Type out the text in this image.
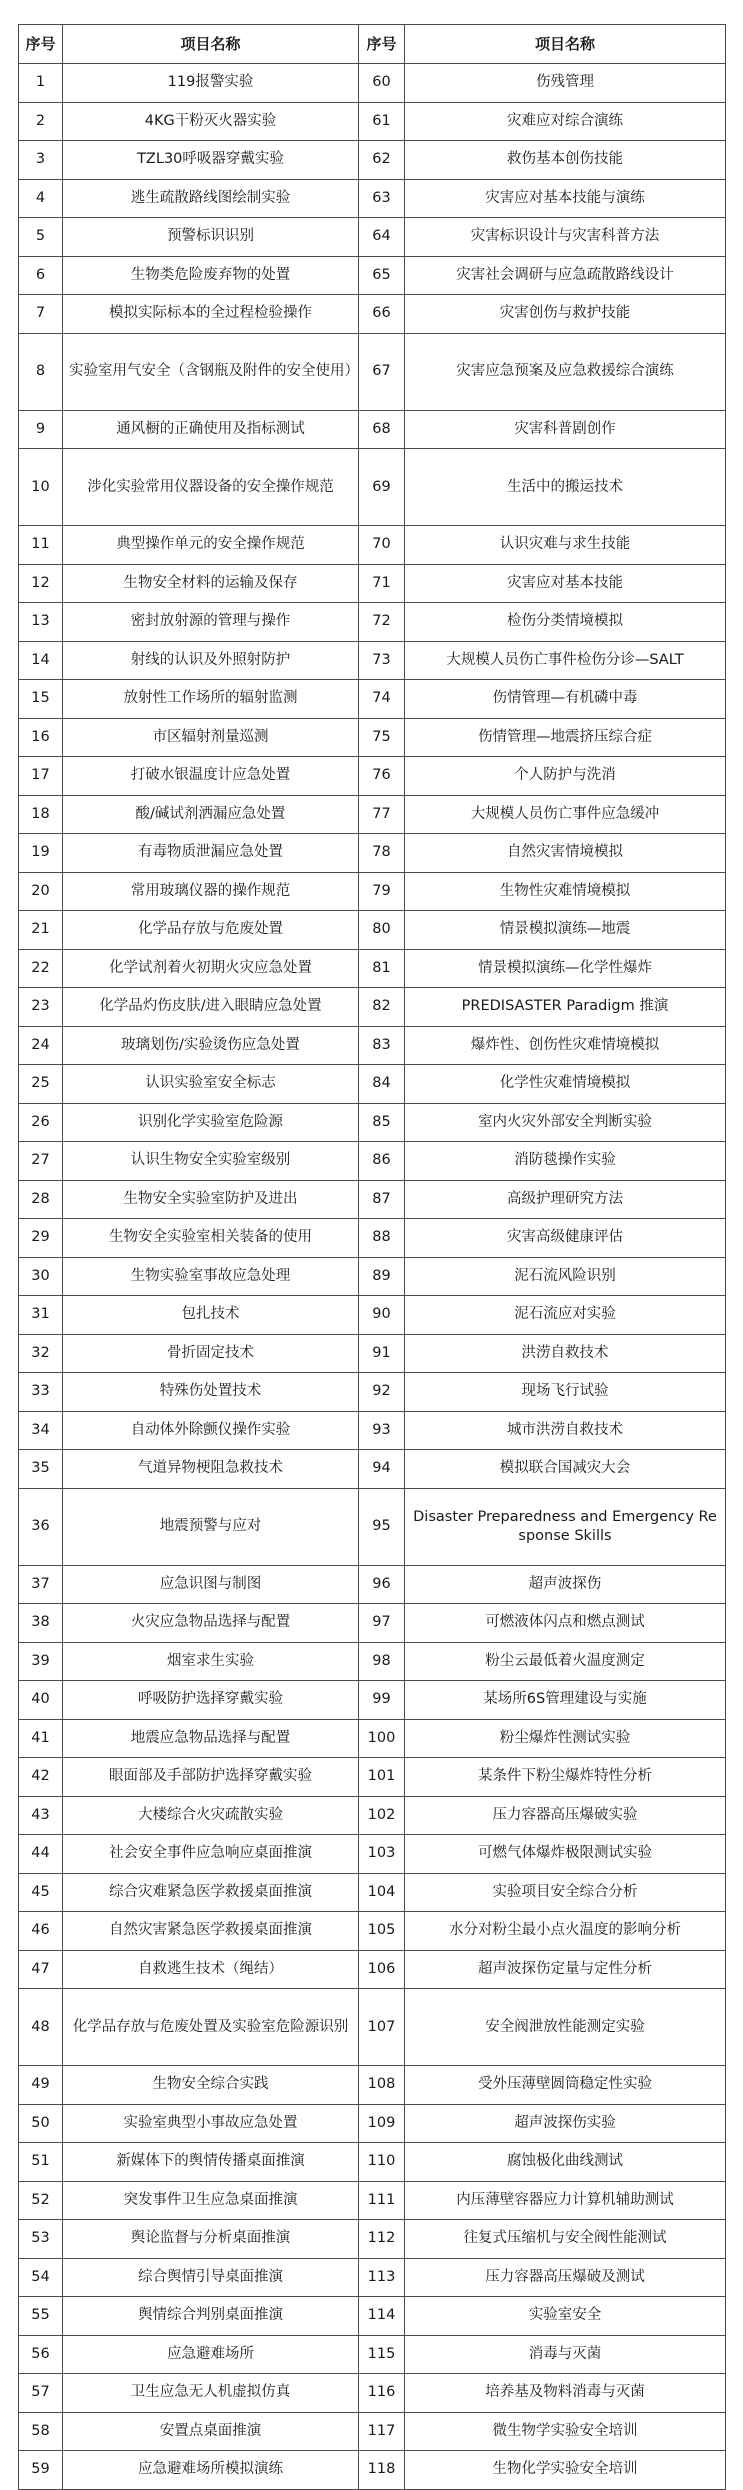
序号	项目名称	序号	项目名称
1	119报警实验	60	伤残管理
2	4KG干粉灭火器实验	61	灾难应对综合演练
3	TZL30呼吸器穿戴实验	62	救伤基本创伤技能
4	逃生疏散路线图绘制实验	63	灾害应对基本技能与演练
5	预警标识识别	64	灾害标识设计与灾害科普方法
6	生物类危险废弃物的处置	65	灾害社会调研与应急疏散路线设计
7	模拟实际标本的全过程检验操作	66	灾害创伤与救护技能
8	实验室用气安全（含钢瓶及附件的安全使用）	67	灾害应急预案及应急救援综合演练
9	通风橱的正确使用及指标测试	68	灾害科普剧创作
10	涉化实验常用仪器设备的安全操作规范	69	生活中的搬运技术
11	典型操作单元的安全操作规范	70	认识灾难与求生技能
12	生物安全材料的运输及保存	71	灾害应对基本技能
13	密封放射源的管理与操作	72	检伤分类情境模拟
14	射线的认识及外照射防护	73	大规模人员伤亡事件检伤分诊—SALT
15	放射性工作场所的辐射监测	74	伤情管理—有机磷中毒
16	市区辐射剂量巡测	75	伤情管理—地震挤压综合症
17	打破水银温度计应急处置	76	个人防护与洗消
18	酸/碱试剂洒漏应急处置	77	大规模人员伤亡事件应急缓冲
19	有毒物质泄漏应急处置	78	自然灾害情境模拟
20	常用玻璃仪器的操作规范	79	生物性灾难情境模拟
21	化学品存放与危废处置	80	情景模拟演练—地震
22	化学试剂着火初期火灾应急处置	81	情景模拟演练—化学性爆炸
23	化学品灼伤皮肤/进入眼睛应急处置	82	PREDISASTER Paradigm 推演
24	玻璃划伤/实验烫伤应急处置	83	爆炸性、创伤性灾难情境模拟
25	认识实验室安全标志	84	化学性灾难情境模拟
26	识别化学实验室危险源	85	室内火灾外部安全判断实验
27	认识生物安全实验室级别	86	消防毯操作实验
28	生物安全实验室防护及进出	87	高级护理研究方法
29	生物安全实验室相关装备的使用	88	灾害高级健康评估
30	生物实验室事故应急处理	89	泥石流风险识别
31	包扎技术	90	泥石流应对实验
32	骨折固定技术	91	洪涝自救技术
33	特殊伤处置技术	92	现场飞行试验
34	自动体外除颤仪操作实验	93	城市洪涝自救技术
35	气道异物梗阻急救技术	94	模拟联合国减灾大会
36	地震预警与应对	95	Disaster Preparedness and Emergency Response Skills
37	应急识图与制图	96	超声波探伤
38	火灾应急物品选择与配置	97	可燃液体闪点和燃点测试
39	烟室求生实验	98	粉尘云最低着火温度测定
40	呼吸防护选择穿戴实验	99	某场所6S管理建设与实施
41	地震应急物品选择与配置	100	粉尘爆炸性测试实验
42	眼面部及手部防护选择穿戴实验	101	某条件下粉尘爆炸特性分析
43	大楼综合火灾疏散实验	102	压力容器高压爆破实验
44	社会安全事件应急响应桌面推演	103	可燃气体爆炸极限测试实验
45	综合灾难紧急医学救援桌面推演	104	实验项目安全综合分析
46	自然灾害紧急医学救援桌面推演	105	水分对粉尘最小点火温度的影响分析
47	自救逃生技术（绳结）	106	超声波探伤定量与定性分析
48	化学品存放与危废处置及实验室危险源识别	107	安全阀泄放性能测定实验
49	生物安全综合实践	108	受外压薄壁圆筒稳定性实验
50	实验室典型小事故应急处置	109	超声波探伤实验
51	新媒体下的舆情传播桌面推演	110	腐蚀极化曲线测试
52	突发事件卫生应急桌面推演	111	内压薄壁容器应力计算机辅助测试
53	舆论监督与分析桌面推演	112	往复式压缩机与安全阀性能测试
54	综合舆情引导桌面推演	113	压力容器高压爆破及测试
55	舆情综合判别桌面推演	114	实验室安全
56	应急避难场所	115	消毒与灭菌
57	卫生应急无人机虚拟仿真	116	培养基及物料消毒与灭菌
58	安置点桌面推演	117	微生物学实验安全培训
59	应急避难场所模拟演练	118	生物化学实验安全培训
